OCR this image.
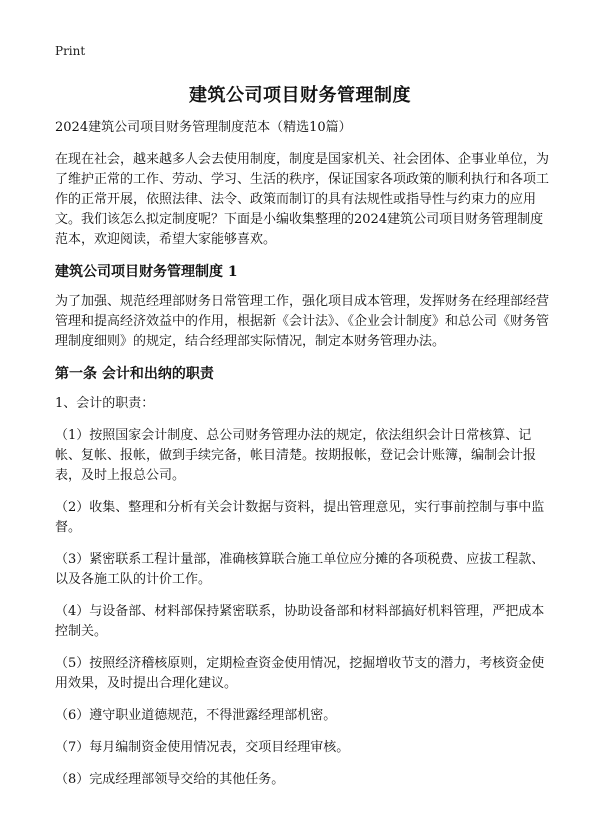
Print
建筑公司项目财务管理制度

2024建筑公司项目财务管理制度范本（精选10篇）

在现在社会，越来越多人会去使用制度，制度是国家机关、社会团体、企事业单位，为了维护正常的工作、劳动、学习、生活的秩序，保证国家各项政策的顺利执行和各项工作的正常开展，依照法律、法令、政策而制订的具有法规性或指导性与约束力的应用文。我们该怎么拟定制度呢？下面是小编收集整理的2024建筑公司项目财务管理制度范本，欢迎阅读，希望大家能够喜欢。

建筑公司项目财务管理制度 1

为了加强、规范经理部财务日常管理工作，强化项目成本管理，发挥财务在经理部经营管理和提高经济效益中的作用，根据新《会计法》、《企业会计制度》和总公司《财务管理制度细则》的规定，结合经理部实际情况，制定本财务管理办法。

第一条 会计和出纳的职责

1、会计的职责：

（1）按照国家会计制度、总公司财务管理办法的规定，依法组织会计日常核算、记帐、复帐、报帐，做到手续完备，帐目清楚。按期报帐，登记会计账簿，编制会计报表，及时上报总公司。

（2）收集、整理和分析有关会计数据与资料，提出管理意见，实行事前控制与事中监督。

（3）紧密联系工程计量部，准确核算联合施工单位应分摊的各项税费、应拔工程款、以及各施工队的计价工作。

（4）与设备部、材料部保持紧密联系，协助设备部和材料部搞好机料管理，严把成本控制关。

（5）按照经济稽核原则，定期检查资金使用情况，挖掘增收节支的潜力，考核资金使用效果，及时提出合理化建议。

（6）遵守职业道德规范，不得泄露经理部机密。

（7）每月编制资金使用情况表，交项目经理审核。

（8）完成经理部领导交给的其他任务。
